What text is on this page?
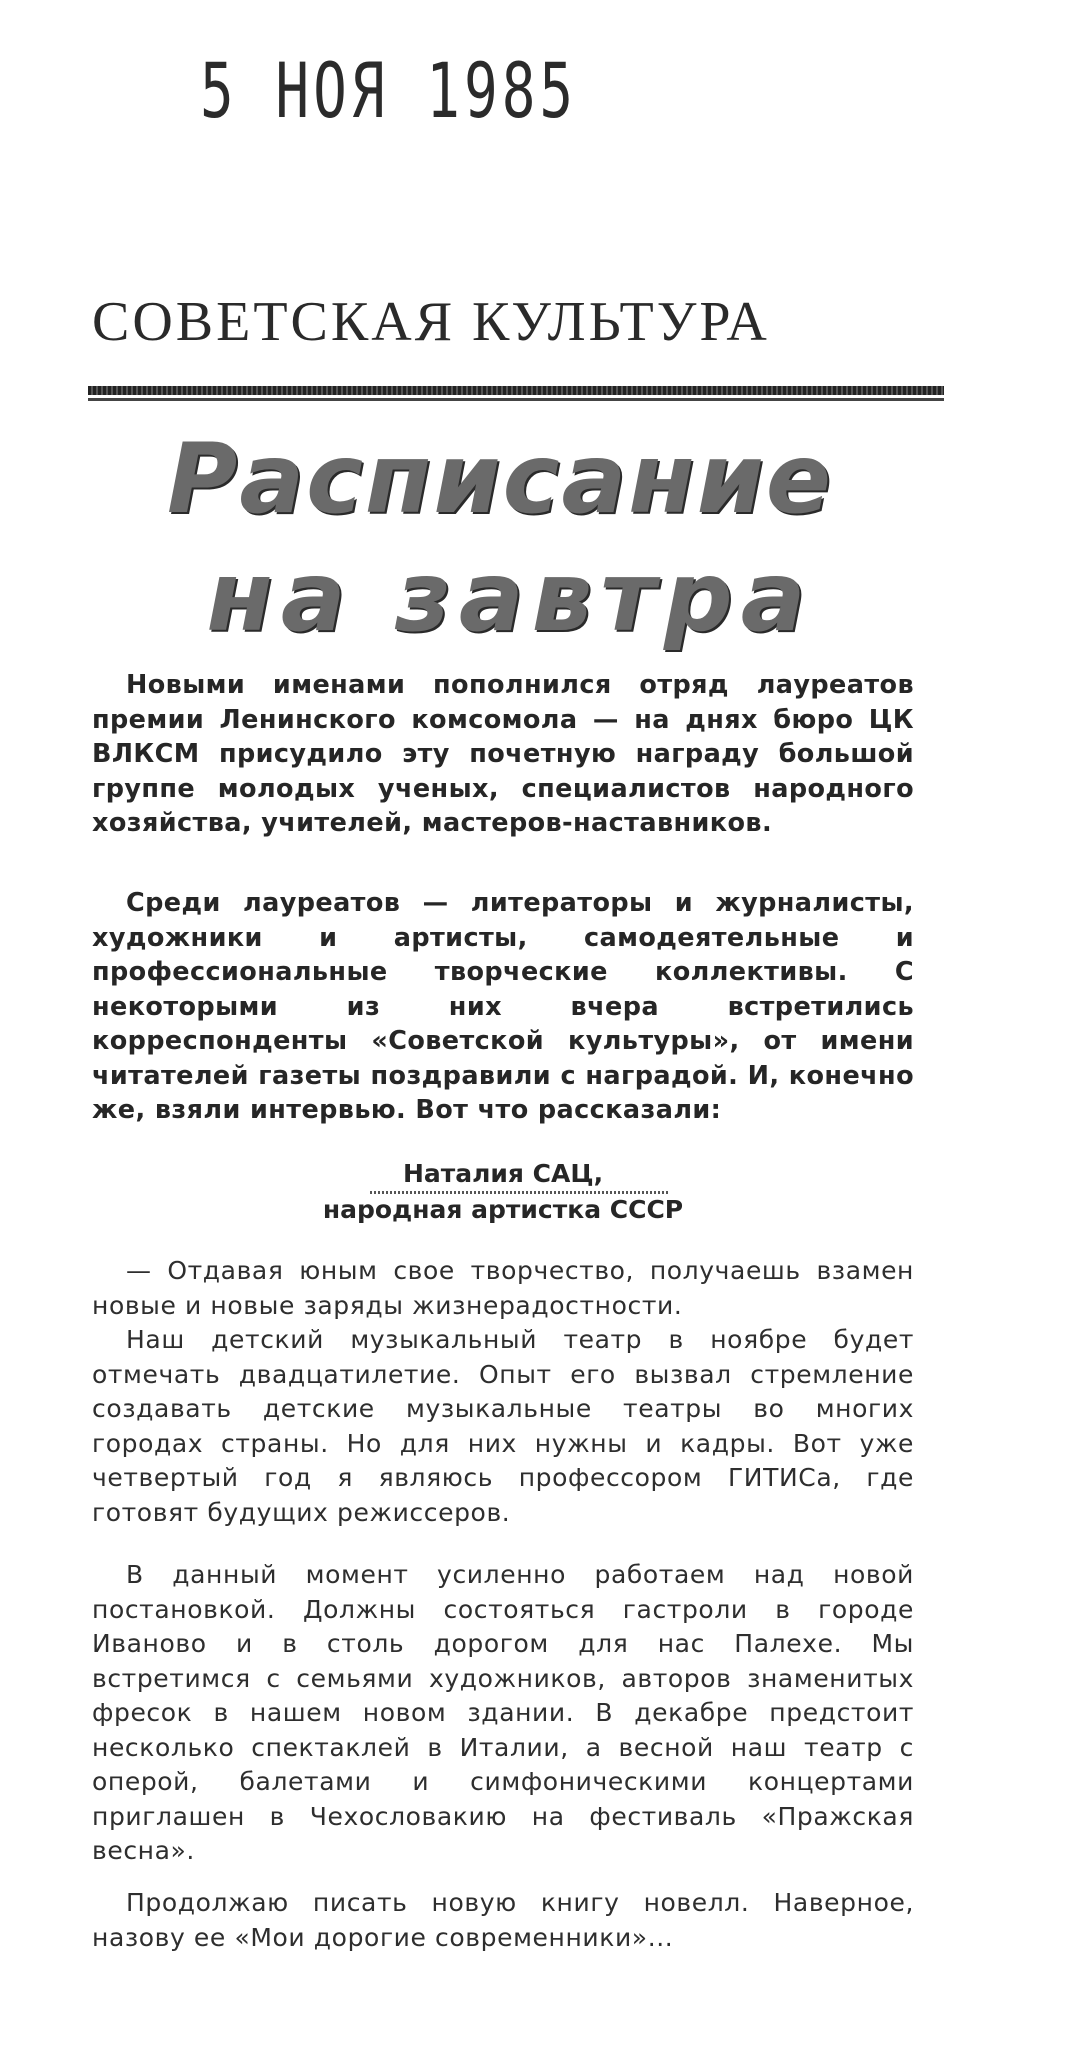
5 НОЯ 1985
СОВЕТСКАЯ КУЛЬТУРА
Расписание
на завтра

Новыми именами пополнился отряд лауреатов премии Ленинского комсомола — на днях бюро ЦК ВЛКСМ присудило эту почетную награду большой группе молодых ученых, специалистов народного хозяйства, учителей, мастеров-наставников.

Среди лауреатов — литераторы и журналисты, художники и артисты, самодеятельные и профессиональные творческие коллективы. С некоторыми из них вчера встретились корреспонденты «Советской культуры», от имени читателей газеты поздравили с наградой. И, конечно же, взяли интервью. Вот что рассказали:

Наталия САЦ,
народная артистка СССР
— Отдавая юным свое творчество, получаешь взамен новые и новые заряды жизнерадостности.
Наш детский музыкальный театр в ноябре будет отмечать двадцатилетие. Опыт его вызвал стремление создавать детские музыкальные театры во многих городах страны. Но для них нужны и кадры. Вот уже четвертый год я являюсь профессором ГИТИСа, где готовят будущих режиссеров.

В данный момент усиленно работаем над новой постановкой. Должны состояться гастроли в городе Иваново и в столь дорогом для нас Палехе. Мы встретимся с семьями художников, авторов знаменитых фресок в нашем новом здании. В декабре предстоит несколько спектаклей в Италии, а весной наш театр с оперой, балетами и симфоническими концертами приглашен в Чехословакию на фестиваль «Пражская весна».

Продолжаю писать новую книгу новелл. Наверное, назову ее «Мои дорогие современники»...
